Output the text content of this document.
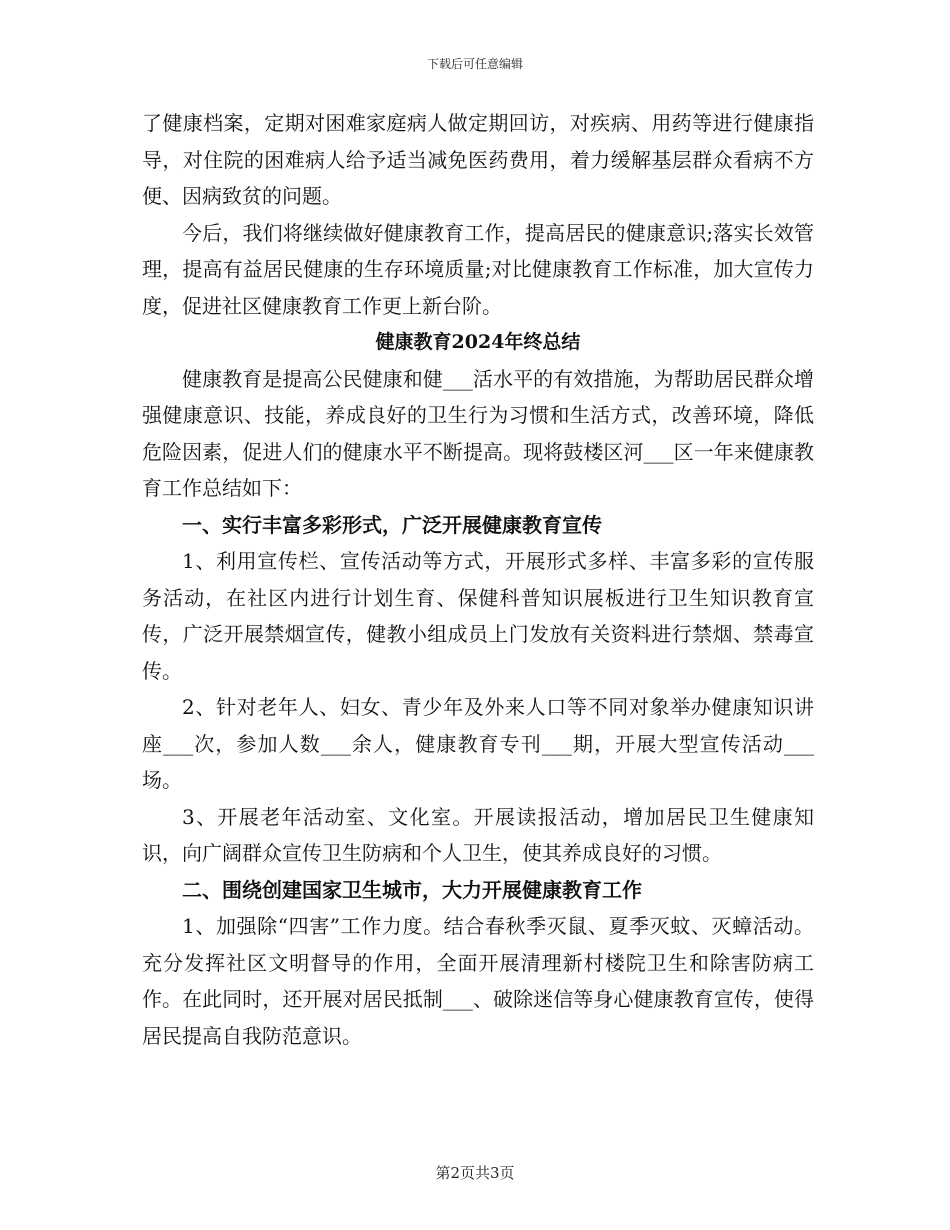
下载后可任意编辑

了健康档案，定期对困难家庭病人做定期回访，对疾病、用药等进行健康指导，对住院的困难病人给予适当减免医药费用，着力缓解基层群众看病不方便、因病致贫的问题。

今后，我们将继续做好健康教育工作，提高居民的健康意识;落实长效管理，提高有益居民健康的生存环境质量;对比健康教育工作标准，加大宣传力度，促进社区健康教育工作更上新台阶。

健康教育2024年终总结

健康教育是提高公民健康和健___活水平的有效措施，为帮助居民群众增强健康意识、技能，养成良好的卫生行为习惯和生活方式，改善环境，降低危险因素，促进人们的健康水平不断提高。现将鼓楼区河___区一年来健康教育工作总结如下：

一、实行丰富多彩形式，广泛开展健康教育宣传

1、利用宣传栏、宣传活动等方式，开展形式多样、丰富多彩的宣传服务活动，在社区内进行计划生育、保健科普知识展板进行卫生知识教育宣传，广泛开展禁烟宣传，健教小组成员上门发放有关资料进行禁烟、禁毒宣传。

2、针对老年人、妇女、青少年及外来人口等不同对象举办健康知识讲座___次，参加人数___余人，健康教育专刊___期，开展大型宣传活动___场。

3、开展老年活动室、文化室。开展读报活动，增加居民卫生健康知识，向广阔群众宣传卫生防病和个人卫生，使其养成良好的习惯。

二、围绕创建国家卫生城市，大力开展健康教育工作

1、加强除“四害”工作力度。结合春秋季灭鼠、夏季灭蚊、灭蟑活动。充分发挥社区文明督导的作用，全面开展清理新村楼院卫生和除害防病工作。在此同时，还开展对居民抵制___、破除迷信等身心健康教育宣传，使得居民提高自我防范意识。

第2页共3页
